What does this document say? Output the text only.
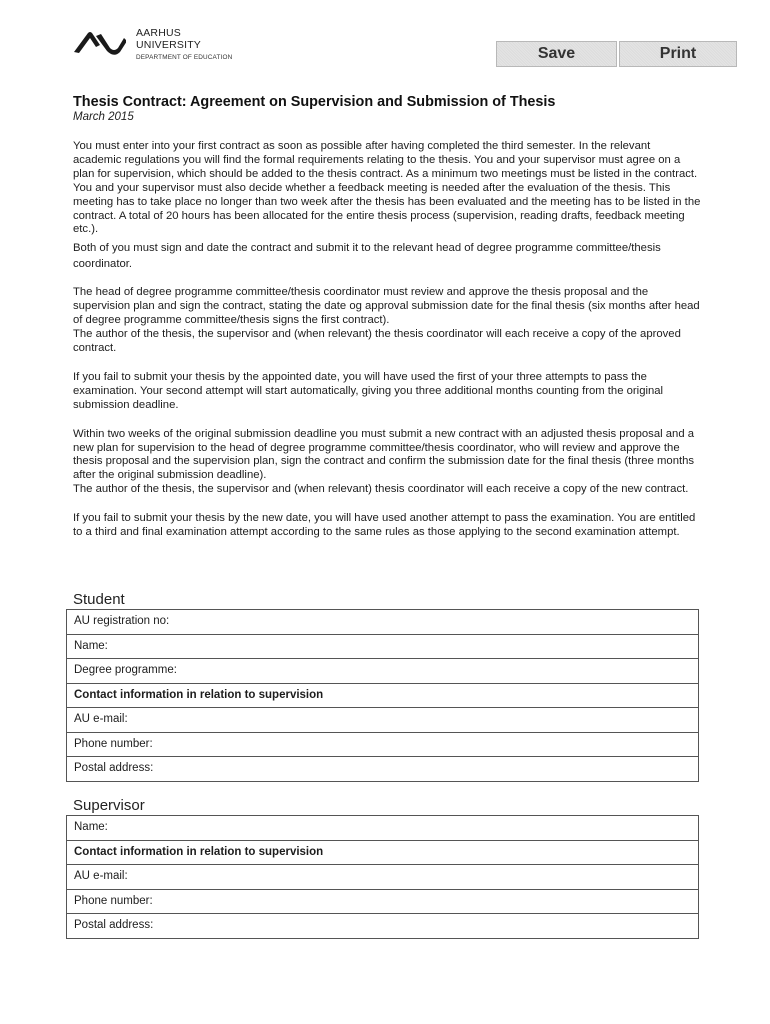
AARHUS
UNIVERSITY
DEPARTMENT OF EDUCATION	Save	Print
Thesis Contract: Agreement on Supervision and Submission of Thesis
March 2015

You must enter into your first contract as soon as possible after having completed the third semester. In the relevant academic regulations you will find the formal requirements relating to the thesis. You and your supervisor must agree on a plan for supervision, which should be added to the thesis contract. As a minimum two meetings must be listed in the contract. You and your supervisor must also decide whether a feedback meeting is needed after the evaluation of the thesis. This meeting has to take place no longer than two week after the thesis has been evaluated and the meeting has to be listed in the contract. A total of 20 hours has been allocated for the entire thesis process (supervision, reading drafts, feedback meeting etc.).

Both of you must sign and date the contract and submit it to the relevant head of degree programme committee/thesis coordinator.

The head of degree programme committee/thesis coordinator must review and approve the thesis proposal and the supervision plan and sign the contract, stating the date og approval submission date for the final thesis (six months after head of degree programme committee/thesis signs the first contract).
The author of the thesis, the supervisor and (when relevant) the thesis coordinator will each receive a copy of the aproved contract.

If you fail to submit your thesis by the appointed date, you will have used the first of your three attempts to pass the examination. Your second attempt will start automatically, giving you three additional months counting from the original submission deadline.

Within two weeks of the original submission deadline you must submit a new contract with an adjusted thesis proposal and a new plan for supervision to the head of degree programme committee/thesis coordinator, who will review and approve the thesis proposal and the supervision plan, sign the contract and confirm the submission date for the final thesis (three months after the original submission deadline).
The author of the thesis, the supervisor and (when relevant) thesis coordinator will each receive a copy of the new contract.

If you fail to submit your thesis by the new date, you will have used another attempt to pass the examination. You are entitled to a third and final examination attempt according to the same rules as those applying to the second examination attempt.

Student
AU registration no:
Name:
Degree programme:
Contact information in relation to supervision
AU e-mail:
Phone number:
Postal address:
Supervisor
Name:
Contact information in relation to supervision
AU e-mail:
Phone number:
Postal address:
